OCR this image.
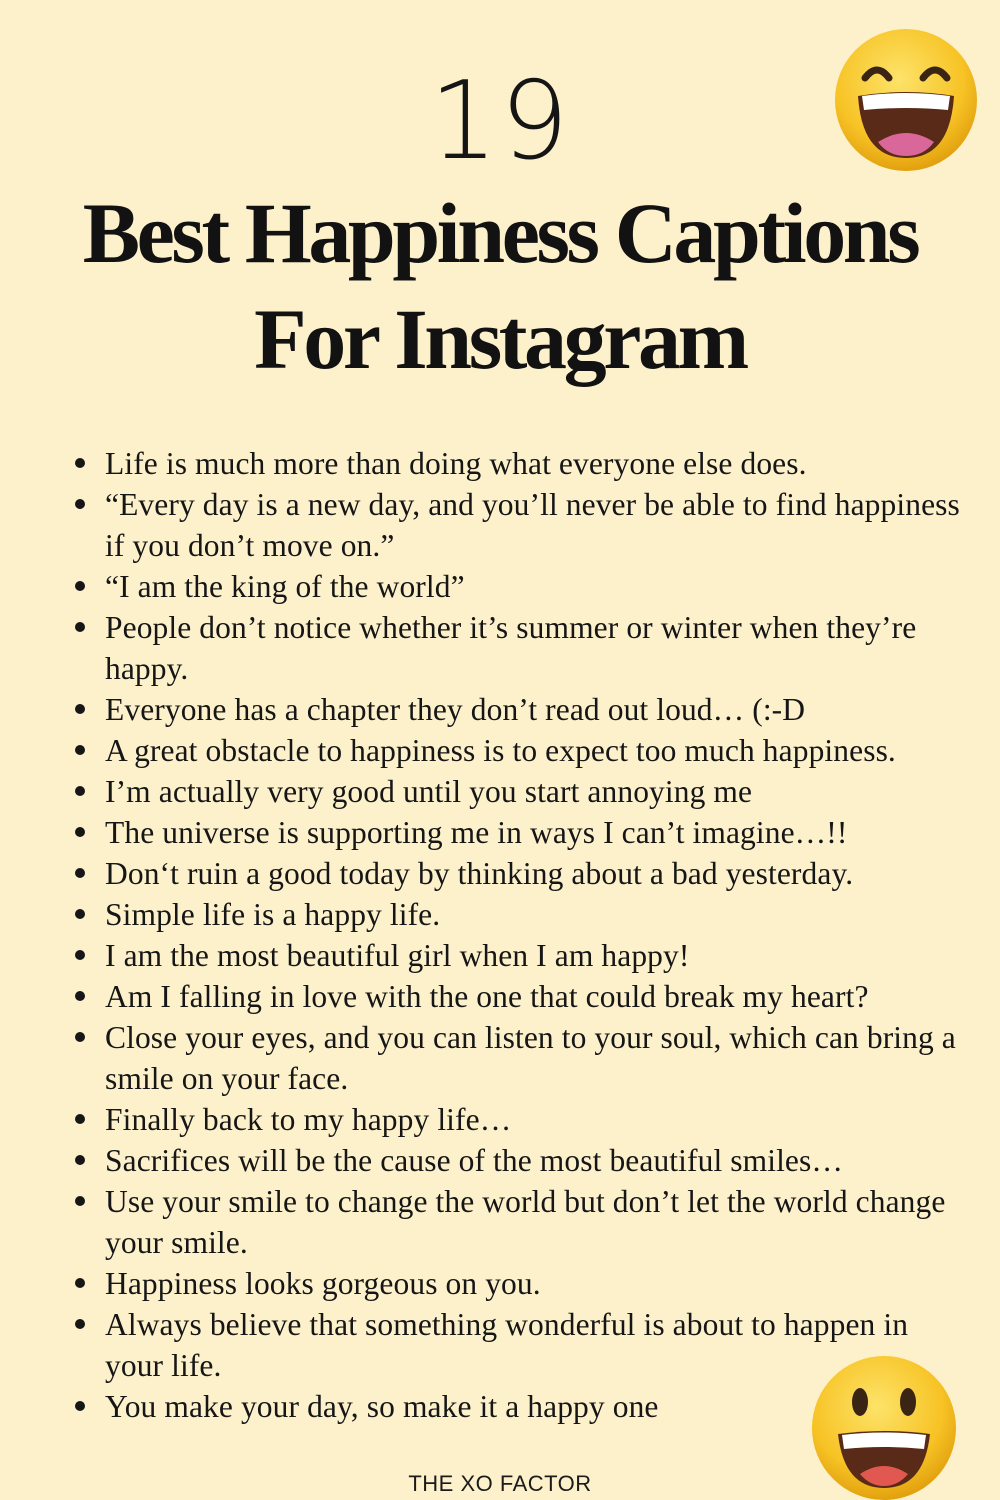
19
Best Happiness Captions
For Instagram
Life is much more than doing what everyone else does.
“Every day is a new day, and you’ll never be able to find happiness if you don’t move on.”
“I am the king of the world”
People don’t notice whether it’s summer or winter when they’re happy.
Everyone has a chapter they don’t read out loud… (:-D
A great obstacle to happiness is to expect too much happiness.
I’m actually very good until you start annoying me
The universe is supporting me in ways I can’t imagine…!!
Don‘t ruin a good today by thinking about a bad yesterday.
Simple life is a happy life.
I am the most beautiful girl when I am happy!
Am I falling in love with the one that could break my heart?
Close your eyes, and you can listen to your soul, which can bring a smile on your face.
Finally back to my happy life…
Sacrifices will be the cause of the most beautiful smiles…
Use your smile to change the world but don’t let the world change your smile.
Happiness looks gorgeous on you.
Always believe that something wonderful is about to happen in your life.
You make your day, so make it a happy one
THE XO FACTOR
